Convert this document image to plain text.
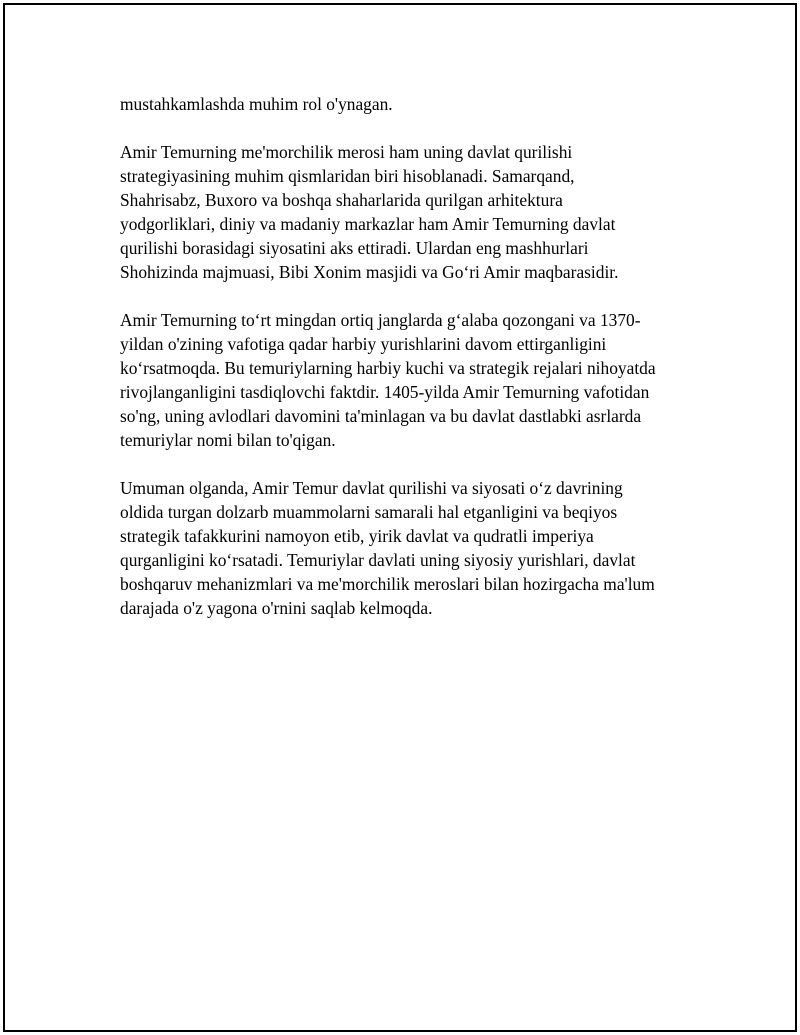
mustahkamlashda muhim rol o'ynagan.

Amir Temurning me'morchilik merosi ham uning davlat qurilishi
strategiyasining muhim qismlaridan biri hisoblanadi. Samarqand,
Shahrisabz, Buxoro va boshqa shaharlarida qurilgan arhitektura
yodgorliklari, diniy va madaniy markazlar ham Amir Temurning davlat
qurilishi borasidagi siyosatini aks ettiradi. Ulardan eng mashhurlari
Shohizinda majmuasi, Bibi Xonim masjidi va Go‘ri Amir maqbarasidir.

Amir Temurning to‘rt mingdan ortiq janglarda g‘alaba qozongani va 1370-
yildan o'zining vafotiga qadar harbiy yurishlarini davom ettirganligini
ko‘rsatmoqda. Bu temuriylarning harbiy kuchi va strategik rejalari nihoyatda
rivojlanganligini tasdiqlovchi faktdir. 1405-yilda Amir Temurning vafotidan
so'ng, uning avlodlari davomini ta'minlagan va bu davlat dastlabki asrlarda
temuriylar nomi bilan to'qigan.

Umuman olganda, Amir Temur davlat qurilishi va siyosati o‘z davrining
oldida turgan dolzarb muammolarni samarali hal etganligini va beqiyos
strategik tafakkurini namoyon etib, yirik davlat va qudratli imperiya
qurganligini ko‘rsatadi. Temuriylar davlati uning siyosiy yurishlari, davlat
boshqaruv mehanizmlari va me'morchilik meroslari bilan hozirgacha ma'lum
darajada o'z yagona o'rnini saqlab kelmoqda.
